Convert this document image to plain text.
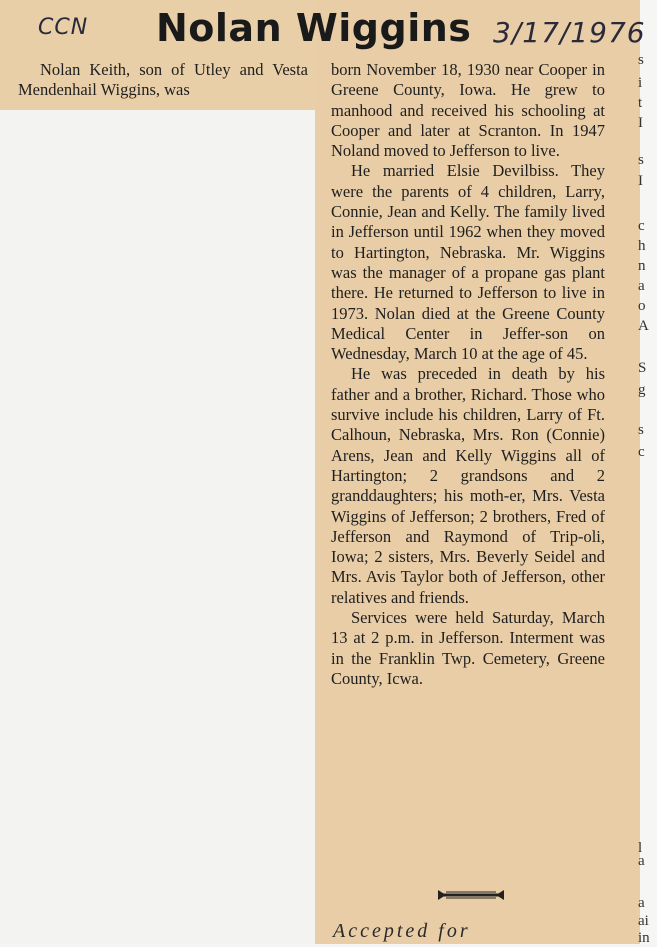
CCN Nolan Wiggins 3/17/1976

Nolan Keith, son of Utley and Vesta Mendenhail Wiggins, was

born November 18, 1930 near Cooper in Greene County, Iowa. He grew to manhood and received his schooling at Cooper and later at Scranton. In 1947 Noland moved to Jefferson to live.

He married Elsie Devilbiss. They were the parents of 4 children, Larry, Connie, Jean and Kelly. The family lived in Jefferson until 1962 when they moved to Hartington, Nebraska. Mr. Wiggins was the manager of a propane gas plant there. He returned to Jefferson to live in 1973. Nolan died at the Greene County Medical Center in Jeffer-son on Wednesday, March 10 at the age of 45.

He was preceded in death by his father and a brother, Richard. Those who survive include his children, Larry of Ft. Calhoun, Nebraska, Mrs. Ron (Connie) Arens, Jean and Kelly Wiggins all of Hartington; 2 grandsons and 2 granddaughters; his moth-er, Mrs. Vesta Wiggins of Jefferson; 2 brothers, Fred of Jefferson and Raymond of Trip-oli, Iowa; 2 sisters, Mrs. Beverly Seidel and Mrs. Avis Taylor both of Jefferson, other relatives and friends.

Services were held Saturday, March 13 at 2 p.m. in Jefferson. Interment was in the Franklin Twp. Cemetery, Greene County, Icwa.

Accepted for
s
i
t
I
s
I
c
h
n
a
o
A
S
g
s
c
l
a
a
ai
in
